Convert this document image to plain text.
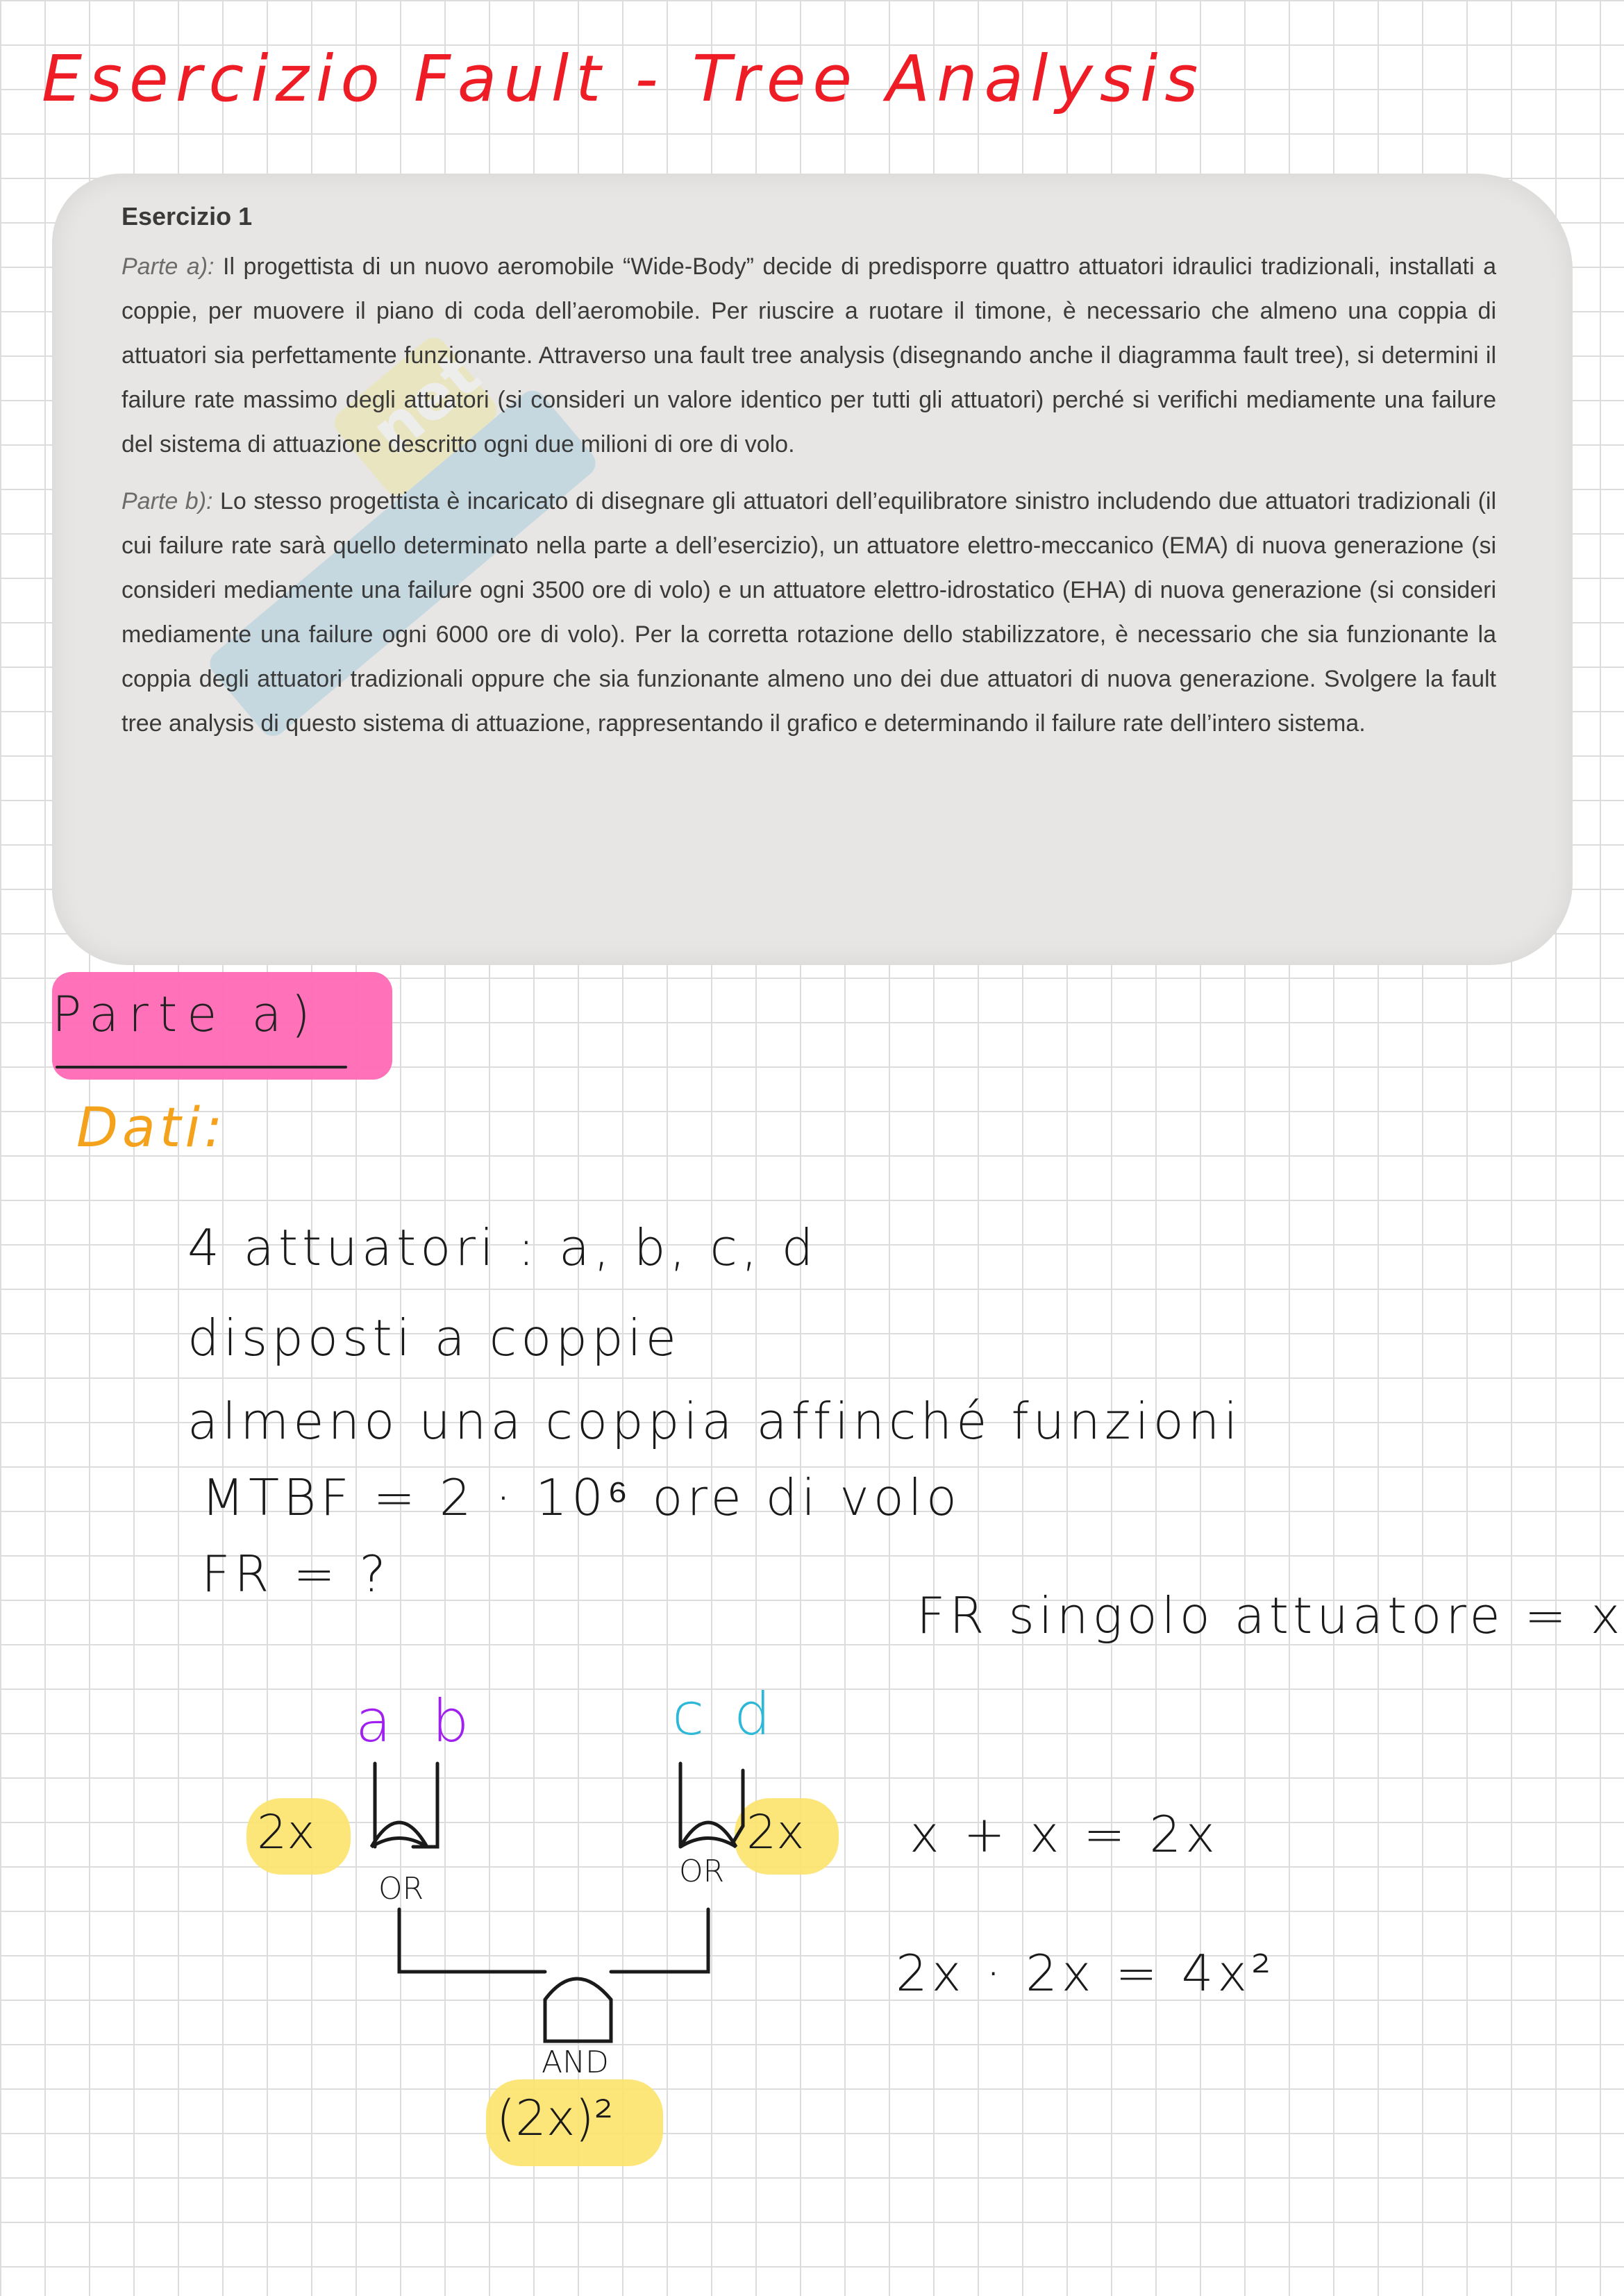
Esercizio Fault - Tree Analysis
net
Esercizio 1

Parte a): Il progettista di un nuovo aeromobile “Wide-Body” decide di predisporre quattro attuatori idraulici tradizionali, installati a coppie, per muovere il piano di coda dell’aeromobile. Per riuscire a ruotare il timone, è necessario che almeno una coppia di attuatori sia perfettamente funzionante. Attraverso una fault tree analysis (disegnando anche il diagramma fault tree), si determini il failure rate massimo degli attuatori (si consideri un valore identico per tutti gli attuatori) perché si verifichi mediamente una failure del sistema di attuazione descritto ogni due milioni di ore di volo.

Parte b): Lo stesso progettista è incaricato di disegnare gli attuatori dell’equilibratore sinistro includendo due attuatori tradizionali (il cui failure rate sarà quello determinato nella parte a dell’esercizio), un attuatore elettro-meccanico (EMA) di nuova generazione (si consideri mediamente una failure ogni 3500 ore di volo) e un attuatore elettro-idrostatico (EHA) di nuova generazione (si consideri mediamente una failure ogni 6000 ore di volo). Per la corretta rotazione dello stabilizzatore, è necessario che sia funzionante la coppia degli attuatori tradizionali oppure che sia funzionante almeno uno dei due attuatori di nuova generazione. Svolgere la fault tree analysis di questo sistema di attuazione, rappresentando il grafico e determinando il failure rate dell’intero sistema.

Parte a)
Dati:
4 attuatori : a, b, c, d
disposti a coppie
almeno una coppia affinché funzioni
MTBF = 2 · 10⁶ ore di volo
FR = ?
FR singolo attuatore = x
a b	c d
OR	OR
AND
2x	2x
(2x)²
x + x = 2x
2x · 2x = 4x²
